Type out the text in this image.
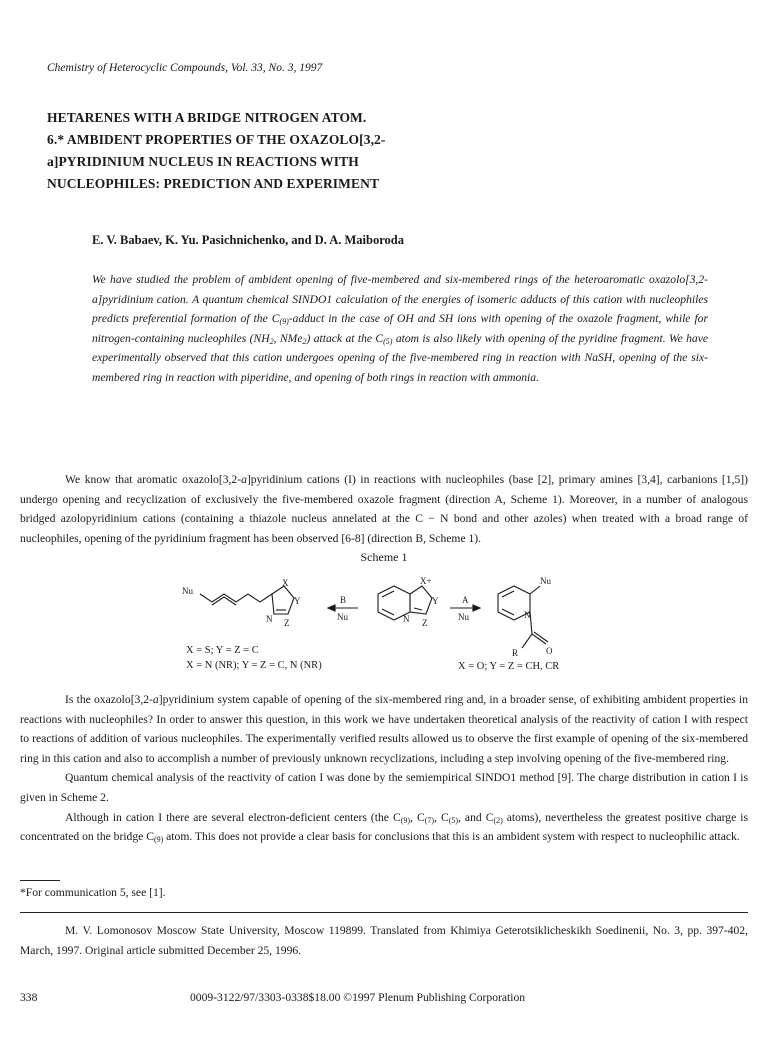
Chemistry of Heterocyclic Compounds, Vol. 33, No. 3, 1997
HETARENES WITH A BRIDGE NITROGEN ATOM.
6.* AMBIDENT PROPERTIES OF THE OXAZOLO[3,2-
a]PYRIDINIUM NUCLEUS IN REACTIONS WITH
NUCLEOPHILES: PREDICTION AND EXPERIMENT
E. V. Babaev, K. Yu. Pasichnichenko, and D. A. Maiboroda
We have studied the problem of ambident opening of five-membered and six-membered rings of the heteroaromatic oxazolo[3,2-a]pyridinium cation. A quantum chemical SINDO1 calculation of the energies of isomeric adducts of this cation with nucleophiles predicts preferential formation of the $C_{(9)}$-adduct in the case of OH and SH ions with opening of the oxazole fragment, while for nitrogen-containing nucleophiles ($NH_2$, NMe$_2$) attack at the $C_{(5)}$ atom is also likely with opening of the pyridine fragment. We have experimentally observed that this cation undergoes opening of the five-membered ring in reaction with NaSH, opening of the six-membered ring in reaction with piperidine, and opening of both rings in reaction with ammonia.
We know that aromatic oxazolo[3,2-a]pyridinium cations (I) in reactions with nucleophiles (base [2], primary amines [3,4], carbanions [1,5]) undergo opening and recyclization of exclusively the five-membered oxazole fragment (direction A, Scheme 1). Moreover, in a number of analogous bridged azolopyridinium cations (containing a thiazole nucleus annelated at the C − N bond and other azoles) when treated with a broad range of nucleophiles, opening of the pyridinium fragment has been observed [6-8] (direction B, Scheme 1).
Scheme 1
Nu
X
Y
N Z
B
Nu
X+
Y
N Z
A
Nu
Nu
N
R	O
X = S; Y = Z = C
X = N (NR); Y = Z = C, N (NR)	X = O; Y = Z = CH, CR
Is the oxazolo[3,2-a]pyridinium system capable of opening of the six-membered ring and, in a broader sense, of exhibiting ambident properties in reactions with nucleophiles? In order to answer this question, in this work we have undertaken theoretical analysis of the reactivity of cation I with respect to reactions of addition of various nucleophiles. The experimentally verified results allowed us to observe the first example of opening of the six-membered ring in this cation and also to accomplish a number of previously unknown recyclizations, including a step involving opening of the five-membered ring.
Quantum chemical analysis of the reactivity of cation I was done by the semiempirical SINDO1 method [9]. The charge distribution in cation I is given in Scheme 2.
Although in cation I there are several electron-deficient centers (the $C_{(9)}$, $C_{(7)}$, $C_{(5)}$, and $C_{(2)}$ atoms), nevertheless the greatest positive charge is concentrated on the bridge $C_{(9)}$ atom. This does not provide a clear basis for conclusions that this is an ambident system with respect to nucleophilic attack.
*For communication 5, see [1].
M. V. Lomonosov Moscow State University, Moscow 119899. Translated from Khimiya Geterotsiklicheskikh Soedinenii, No. 3, pp. 397-402, March, 1997. Original article submitted December 25, 1996.
338	0009-3122/97/3303-0338$18.00 ©1997 Plenum Publishing Corporation
